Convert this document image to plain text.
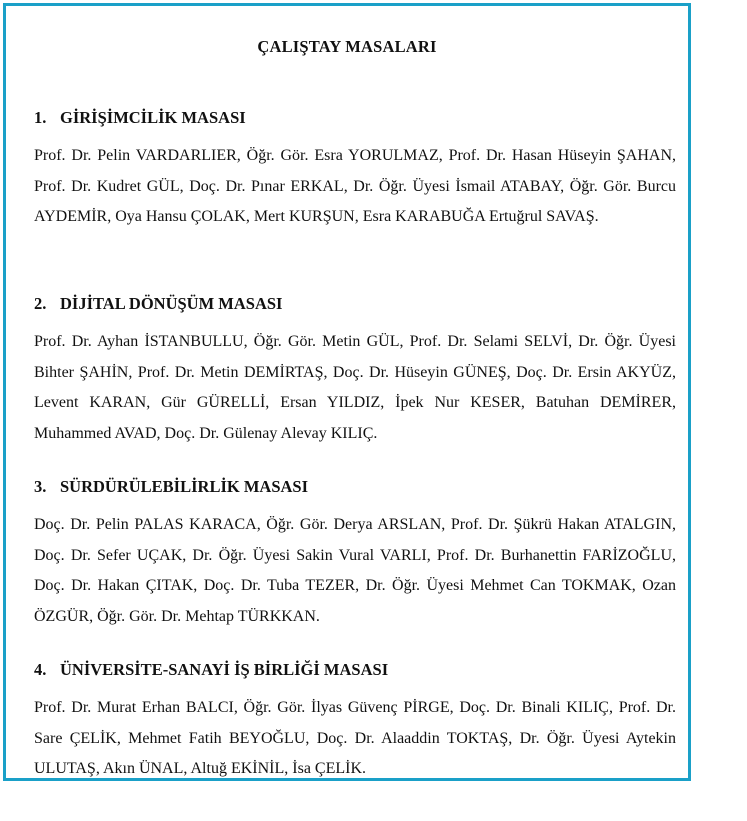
ÇALIŞTAY MASALARI
1. GİRİŞİMCİLİK MASASI
Prof. Dr. Pelin VARDARLIER, Öğr. Gör. Esra YORULMAZ, Prof. Dr. Hasan Hüseyin ŞAHAN, Prof. Dr. Kudret GÜL, Doç. Dr. Pınar ERKAL, Dr. Öğr. Üyesi İsmail ATABAY, Öğr. Gör. Burcu AYDEMİR, Oya Hansu ÇOLAK, Mert KURŞUN, Esra KARABUĞA Ertuğrul SAVAŞ.
2. DİJİTAL DÖNÜŞÜM MASASI
Prof. Dr. Ayhan İSTANBULLU, Öğr. Gör. Metin GÜL, Prof. Dr. Selami SELVİ, Dr. Öğr. Üyesi Bihter ŞAHİN, Prof. Dr. Metin DEMİRTAŞ, Doç. Dr. Hüseyin GÜNEŞ, Doç. Dr. Ersin AKYÜZ, Levent KARAN, Gür GÜRELLİ, Ersan YILDIZ, İpek Nur KESER, Batuhan DEMİRER, Muhammed AVAD, Doç. Dr. Gülenay Alevay KILIÇ.
3. SÜRDÜRÜLEBİLİRLİK MASASI
Doç. Dr. Pelin PALAS KARACA, Öğr. Gör. Derya ARSLAN, Prof. Dr. Şükrü Hakan ATALGIN, Doç. Dr. Sefer UÇAK, Dr. Öğr. Üyesi Sakin Vural VARLI, Prof. Dr. Burhanettin FARİZOĞLU, Doç. Dr. Hakan ÇITAK, Doç. Dr. Tuba TEZER, Dr. Öğr. Üyesi Mehmet Can TOKMAK, Ozan ÖZGÜR, Öğr. Gör. Dr. Mehtap TÜRKKAN.
4. ÜNİVERSİTE-SANAYİ İŞ BİRLİĞİ MASASI
Prof. Dr. Murat Erhan BALCI, Öğr. Gör. İlyas Güvenç PİRGE, Doç. Dr. Binali KILIÇ, Prof. Dr. Sare ÇELİK, Mehmet Fatih BEYOĞLU, Doç. Dr. Alaaddin TOKTAŞ, Dr. Öğr. Üyesi Aytekin ULUTAŞ, Akın ÜNAL, Altuğ EKİNİL, İsa ÇELİK.
